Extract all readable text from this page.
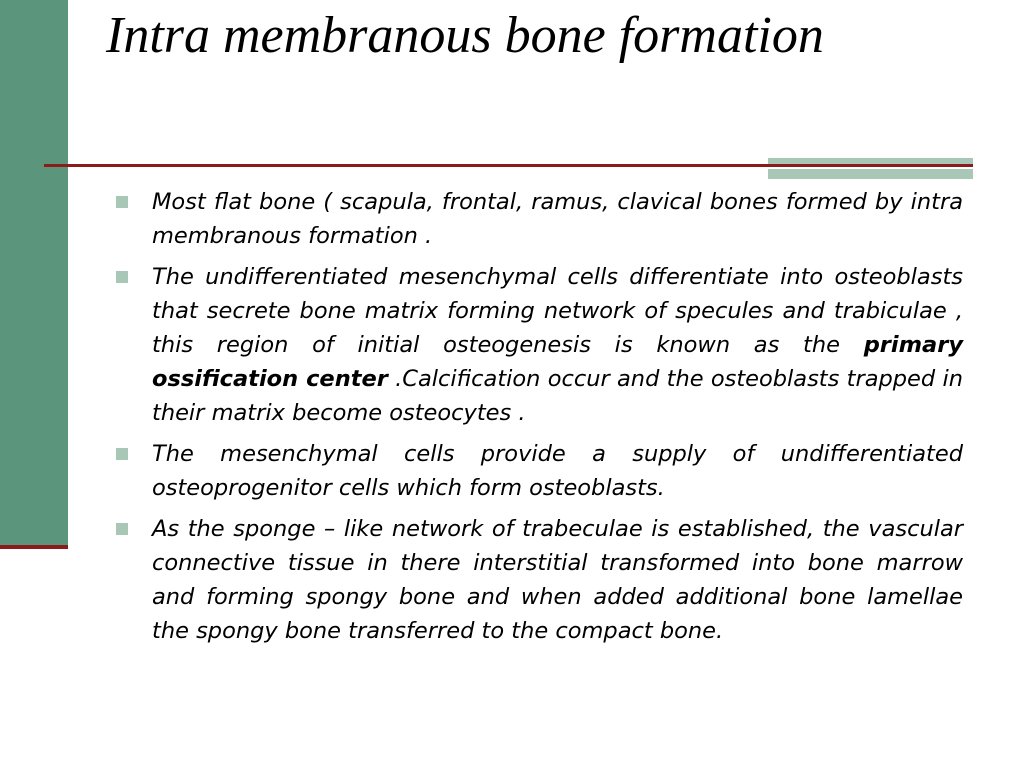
Intra membranous bone formation

Most flat bone ( scapula, frontal, ramus, clavical bones formed by intra membranous formation .

The undifferentiated mesenchymal cells differentiate into osteoblasts that secrete bone matrix forming network of specules and trabiculae , this region of initial osteogenesis is known as the primary ossification center .Calcification occur and the osteoblasts trapped in their matrix become osteocytes .

The mesenchymal cells provide a supply of undifferentiated osteoprogenitor cells which form osteoblasts.

As the sponge – like network of trabeculae is established, the vascular connective tissue in there interstitial transformed into bone marrow and forming spongy bone and when added additional bone lamellae the spongy bone transferred to the compact bone.
